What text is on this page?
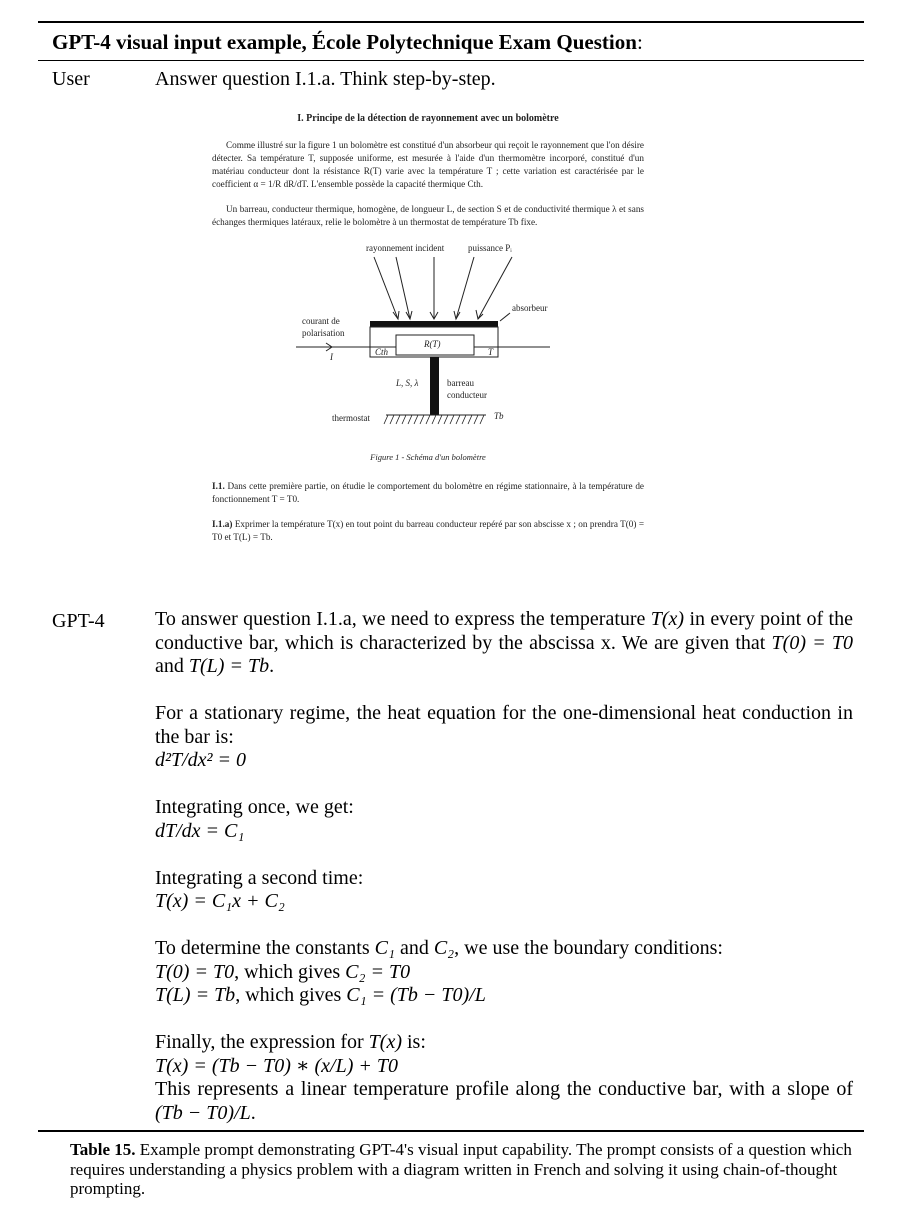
GPT-4 visual input example, École Polytechnique Exam Question:
User	Answer question I.1.a. Think step-by-step.
I. Principe de la détection de rayonnement avec un bolomètre

Comme illustré sur la figure 1 un bolomètre est constitué d'un absorbeur qui reçoit le rayonnement que l'on désire détecter. Sa température T, supposée uniforme, est mesurée à l'aide d'un thermomètre incorporé, constitué d'un matériau conducteur dont la résistance R(T) varie avec la température T ; cette variation est caractérisée par le coefficient α = 1/R dR/dT. L'ensemble possède la capacité thermique Cth.

Un barreau, conducteur thermique, homogène, de longueur L, de section S et de conductivité thermique λ et sans échanges thermiques latéraux, relie le bolomètre à un thermostat de température Tb fixe.

rayonnement incident	puissance Pᵢ
absorbeur
courant de
polarisation
I
R(T)
Cth	T
L, S, λ	barreau
conducteur
thermostat	Tb

Figure 1 - Schéma d'un bolomètre

I.1. Dans cette première partie, on étudie le comportement du bolomètre en régime stationnaire, à la température de fonctionnement T = T0.

I.1.a) Exprimer la température T(x) en tout point du barreau conducteur repéré par son abscisse x ; on prendra T(0) = T0 et T(L) = Tb.

GPT-4	To answer question I.1.a, we need to express the temperature T(x) in every point of the conductive bar, which is characterized by the abscissa x. We are given that T(0) = T0 and T(L) = Tb.

For a stationary regime, the heat equation for the one-dimensional heat conduction in the bar is:

d²T/dx² = 0

Integrating once, we get:

dT/dx = C₁

Integrating a second time:

T(x) = C₁x + C₂

To determine the constants C₁ and C₂, we use the boundary conditions:

T(0) = T0, which gives C₂ = T0

T(L) = Tb, which gives C₁ = (Tb − T0)/L

Finally, the expression for T(x) is:

T(x) = (Tb − T0) ∗ (x/L) + T0

This represents a linear temperature profile along the conductive bar, with a slope of (Tb − T0)/L.

Table 15. Example prompt demonstrating GPT-4's visual input capability. The prompt consists of a question which requires understanding a physics problem with a diagram written in French and solving it using chain-of-thought prompting.
